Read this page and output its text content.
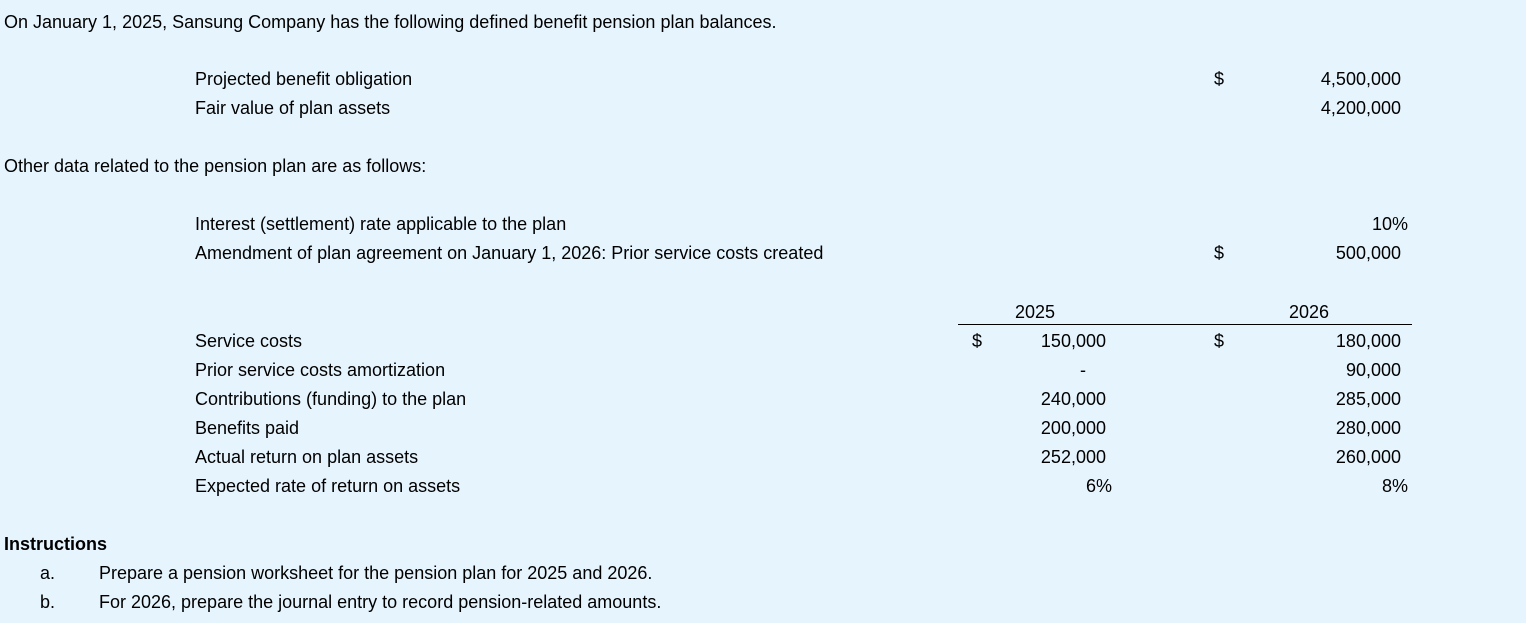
On January 1, 2025, Sansung Company has the following defined benefit pension plan balances.
Projected benefit obligation	$	4,500,000
Fair value of plan assets	4,200,000
Other data related to the pension plan are as follows:
Interest (settlement) rate applicable to the plan	10%
Amendment of plan agreement on January 1, 2026: Prior service costs created	$	500,000
2025	2026
Service costs	$	150,000	$	180,000
Prior service costs amortization	-	90,000
Contributions (funding) to the plan	240,000	285,000
Benefits paid	200,000	280,000
Actual return on plan assets	252,000	260,000
Expected rate of return on assets	6%	8%
Instructions
a. Prepare a pension worksheet for the pension plan for 2025 and 2026.
b. For 2026, prepare the journal entry to record pension-related amounts.
